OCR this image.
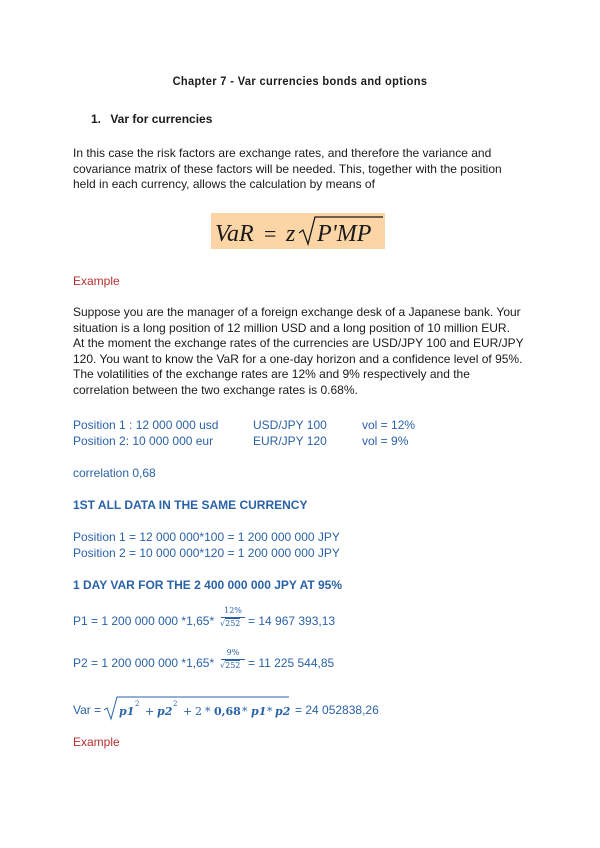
Chapter 7 - Var currencies bonds and options
1. Var for currencies
In this case the risk factors are exchange rates, and therefore the variance and
covariance matrix of these factors will be needed. This, together with the position
held in each currency, allows the calculation by means of
VaR = z P'MP
Example
Suppose you are the manager of a foreign exchange desk of a Japanese bank. Your
situation is a long position of 12 million USD and a long position of 10 million EUR.
At the moment the exchange rates of the currencies are USD/JPY 100 and EUR/JPY
120. You want to know the VaR for a one-day horizon and a confidence level of 95%.
The volatilities of the exchange rates are 12% and 9% respectively and the
correlation between the two exchange rates is 0.68%.
Position 1 : 12 000 000 usd	USD/JPY 100	vol = 12%
Position 2: 10 000 000 eur	EUR/JPY 120	vol = 9%
correlation 0,68
1ST ALL DATA IN THE SAME CURRENCY
Position 1 = 12 000 000*100 = 1 200 000 000 JPY
Position 2 = 10 000 000*120 = 1 200 000 000 JPY
1 DAY VAR FOR THE 2 400 000 000 JPY AT 95%
P1 = 1 200 000 000 *1,65*
12%
√252 = 14 967 393,13
P2 = 1 200 000 000 *1,65*
9%
√252 = 11 225 544,85
Var = p1
2
+ p2
2
+ 2 * 0,68 * p1 * p2 = 24 052838,26
Example
